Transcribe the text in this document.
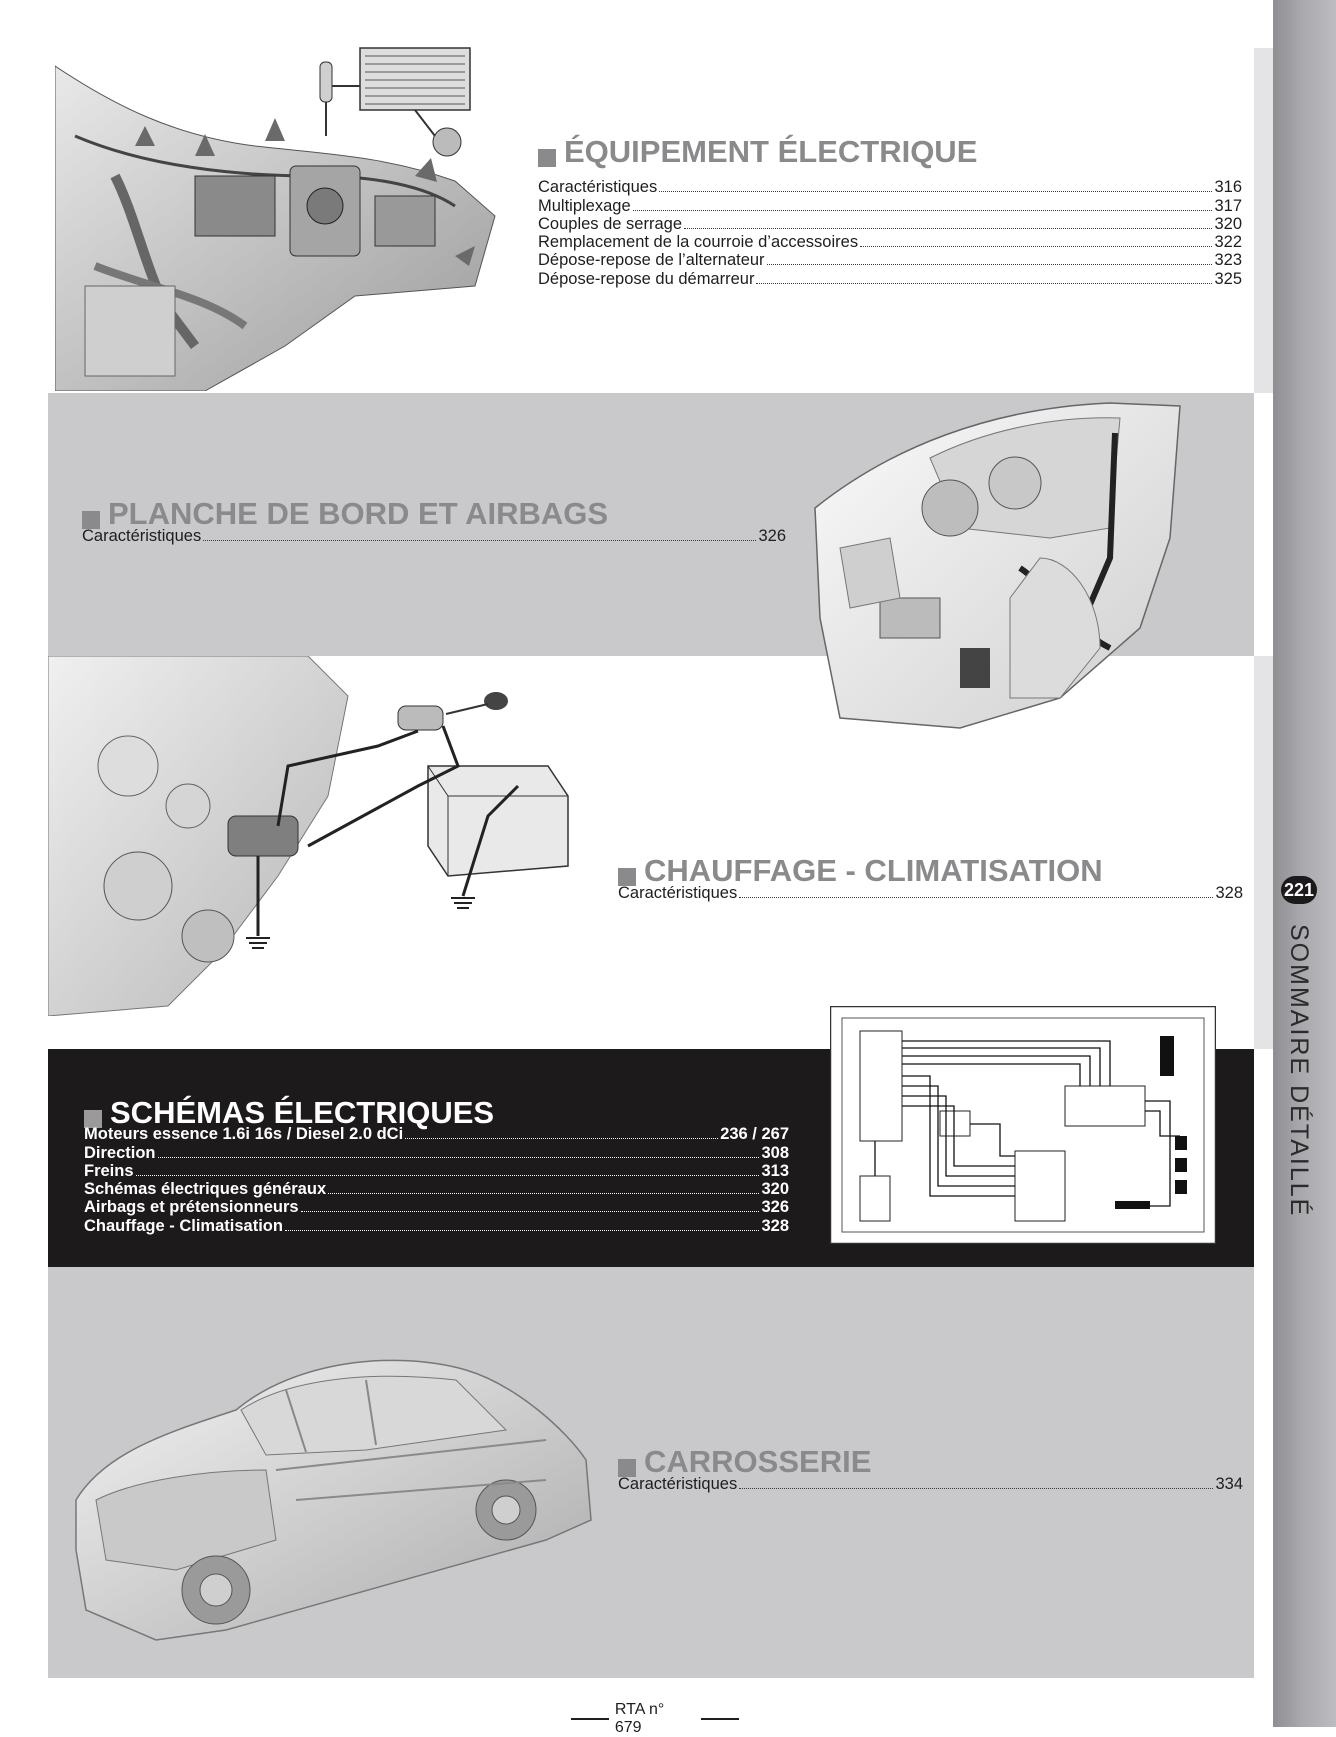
221
SOMMAIRE DÉTAILLÉ
ÉQUIPEMENT ÉLECTRIQUE
Caractéristiques	316
Multiplexage	317
Couples de serrage	320
Remplacement de la courroie d’accessoires	322
Dépose-repose de l’alternateur	323
Dépose-repose du démarreur	325
PLANCHE DE BORD ET AIRBAGS
Caractéristiques	326
CHAUFFAGE - CLIMATISATION
Caractéristiques	328
SCHÉMAS ÉLECTRIQUES
Moteurs essence 1.6i 16s / Diesel 2.0 dCi	236 / 267
Direction	308
Freins	313
Schémas électriques généraux	320
Airbags et prétensionneurs	326
Chauffage - Climatisation	328
CARROSSERIE
Caractéristiques	334
RTA n° 679
